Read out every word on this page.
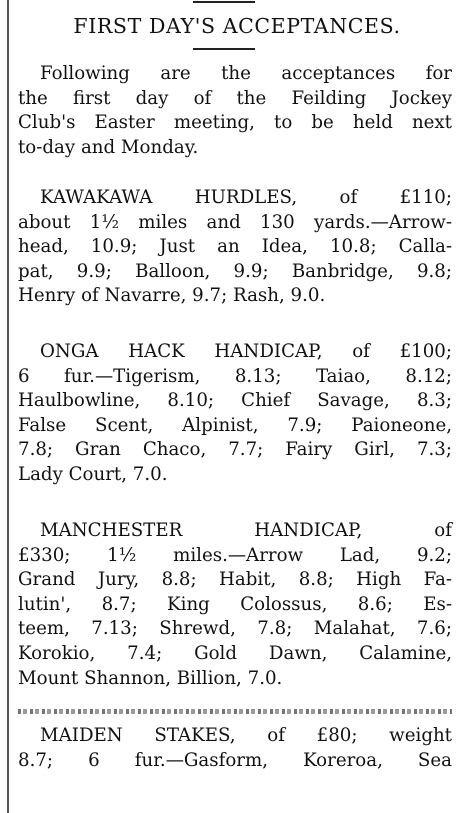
FIRST DAY'S ACCEPTANCES.
Following are the acceptances for
the first day of the Feilding Jockey
Club's Easter meeting, to be held next
to-day and Monday.
KAWAKAWA HURDLES, of £110;
about 1½ miles and 130 yards.—Arrow-
head, 10.9; Just an Idea, 10.8; Calla-
pat, 9.9; Balloon, 9.9; Banbridge, 9.8;
Henry of Navarre, 9.7; Rash, 9.0.
ONGA HACK HANDICAP, of £100;
6 fur.—Tigerism, 8.13; Taiao, 8.12;
Haulbowline, 8.10; Chief Savage, 8.3;
False Scent, Alpinist, 7.9; Paioneone,
7.8; Gran Chaco, 7.7; Fairy Girl, 7.3;
Lady Court, 7.0.
MANCHESTER HANDICAP, of
£330; 1½ miles.—Arrow Lad, 9.2;
Grand Jury, 8.8; Habit, 8.8; High Fa-
lutin', 8.7; King Colossus, 8.6; Es-
teem, 7.13; Shrewd, 7.8; Malahat, 7.6;
Korokio, 7.4; Gold Dawn, Calamine,
Mount Shannon, Billion, 7.0.
MAIDEN STAKES, of £80; weight
8.7; 6 fur.—Gasform, Koreroa, Sea
